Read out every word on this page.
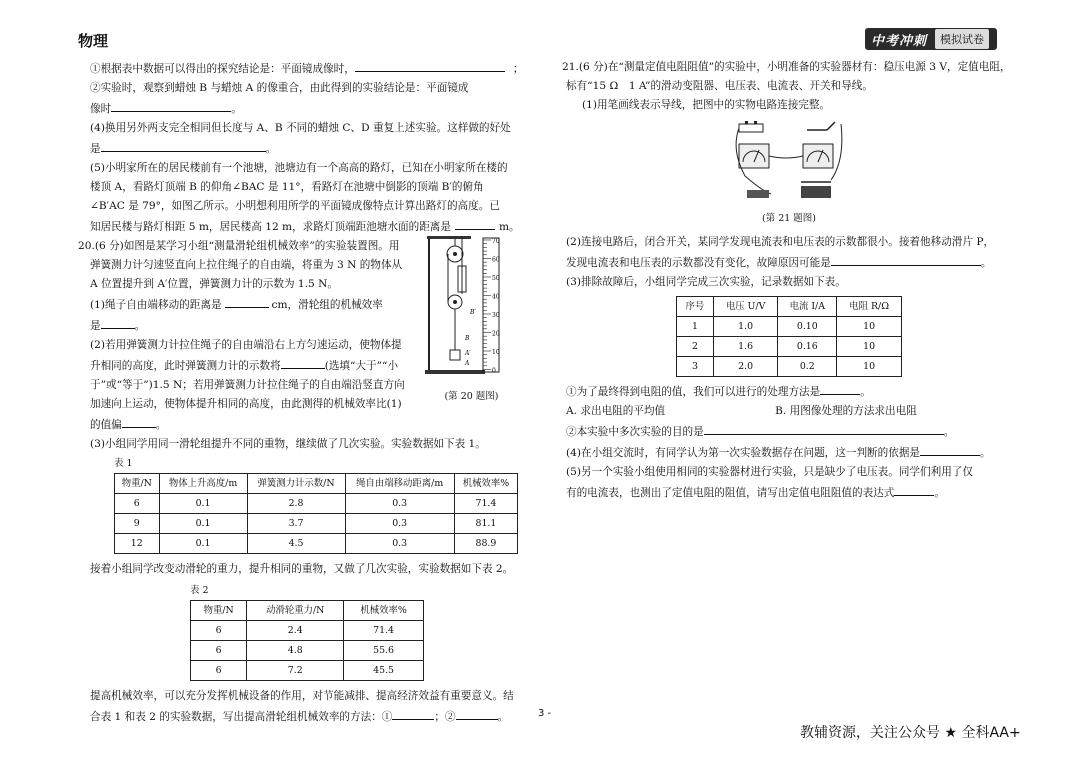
物理	中考冲刺	模拟试卷
①根据表中数据可以得出的探究结论是：平面镜成像时，	；
②实验时，观察到蜡烛 B 与蜡烛 A 的像重合，由此得到的实验结论是：平面镜成
像时	。
(4)换用另外两支完全相同但长度与 A、B 不同的蜡烛 C、D 重复上述实验。这样做的好处
是	。
(5)小明家所在的居民楼前有一个池塘，池塘边有一个高高的路灯，已知在小明家所在楼的
楼顶 A，看路灯顶端 B 的仰角∠BAC 是 11°，看路灯在池塘中倒影的顶端 B′的俯角
∠B′AC 是 79°，如图乙所示。小明想利用所学的平面镜成像特点计算出路灯的高度。已
知居民楼与路灯相距 5 m，居民楼高 12 m，求路灯顶端距池塘水面的距离是	m。
20.(6 分)如图是某学习小组“测量滑轮组机械效率”的实验装置图。用
弹簧测力计匀速竖直向上拉住绳子的自由端，将重为 3 N 的物体从
A 位置提升到 A′位置，弹簧测力计的示数为 1.5 N。
(1)绳子自由端移动的距离是	cm，滑轮组的机械效率
是	。
(2)若用弹簧测力计拉住绳子的自由端沿右上方匀速运动，使物体提
升相同的高度，此时弹簧测力计的示数将	(选填“大于”“小
于”或“等于”)1.5 N；若用弹簧测力计拉住绳子的自由端沿竖直方向
加速向上运动，使物体提升相同的高度，由此测得的机械效率比(1)
的值偏	。
(3)小组同学用同一滑轮组提升不同的重物，继续做了几次实验。实验数据如下表 1。
表 1
物重/N	物体上升高度/m	弹簧测力计示数/N	绳自由端移动距离/m	机械效率%
6	0.1	2.8	0.3	71.4
9	0.1	3.7	0.3	81.1
12	0.1	4.5	0.3	88.9
接着小组同学改变动滑轮的重力，提升相同的重物，又做了几次实验，实验数据如下表 2。
表 2
物重/N	动滑轮重力/N	机械效率%
6	2.4	71.4
6	4.8	55.6
6	7.2	45.5
提高机械效率，可以充分发挥机械设备的作用，对节能减排、提高经济效益有重要意义。结
合表 1 和表 2 的实验数据，写出提高滑轮组机械效率的方法：①	；②	。
B′
B
A′
A
70
60
50
40
30
20
10
0
(第 20 题图)
21.(6 分)在“测量定值电阻阻值”的实验中，小明准备的实验器材有：稳压电源 3 V，定值电阻，
标有“15 Ω　1 A”的滑动变阻器、电压表、电流表、开关和导线。
(1)用笔画线表示导线，把图中的实物电路连接完整。
(2)连接电路后，闭合开关，某同学发现电流表和电压表的示数都很小。接着他移动滑片 P，
发现电流表和电压表的示数都没有变化，故障原因可能是	。
(3)排除故障后，小组同学完成三次实验，记录数据如下表。
序号	电压 U/V	电流 I/A	电阻 R/Ω
1	1.0	0.10	10
2	1.6	0.16	10
3	2.0	0.2	10
①为了最终得到电阻的值，我们可以进行的处理方法是	。
A. 求出电阻的平均值	B. 用图像处理的方法求出电阻
②本实验中多次实验的目的是	。
(4)在小组交流时，有同学认为第一次实验数据存在问题，这一判断的依据是	。
(5)另一个实验小组使用相同的实验器材进行实验，只是缺少了电压表。同学们利用了仅
有的电流表，也测出了定值电阻的阻值，请写出定值电阻阻值的表达式	。
(第 21 题图)
3 -
教辅资源，关注公众号 ★ 全科AA+
